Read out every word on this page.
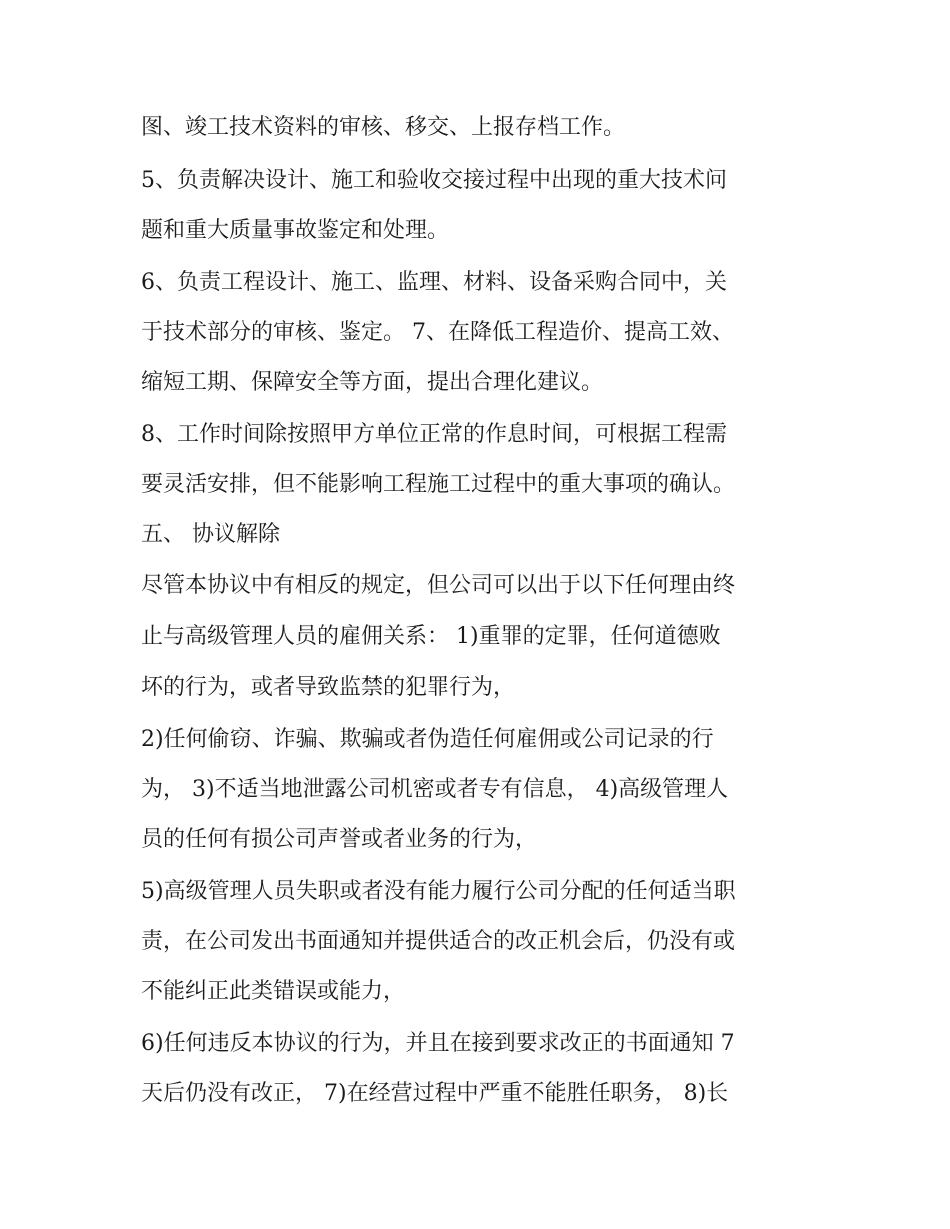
图、竣工技术资料的审核、移交、上报存档工作。

5、负责解决设计、施工和验收交接过程中出现的重大技术问

题和重大质量事故鉴定和处理。

6、负责工程设计、施工、监理、材料、设备采购合同中，关

于技术部分的审核、鉴定。 7、在降低工程造价、提高工效、

缩短工期、保障安全等方面，提出合理化建议。

8、工作时间除按照甲方单位正常的作息时间，可根据工程需

要灵活安排，但不能影响工程施工过程中的重大事项的确认。

五、 协议解除

尽管本协议中有相反的规定，但公司可以出于以下任何理由终

止与高级管理人员的雇佣关系： 1)重罪的定罪，任何道德败

坏的行为，或者导致监禁的犯罪行为，

2)任何偷窃、诈骗、欺骗或者伪造任何雇佣或公司记录的行

为， 3)不适当地泄露公司机密或者专有信息， 4)高级管理人

员的任何有损公司声誉或者业务的行为，

5)高级管理人员失职或者没有能力履行公司分配的任何适当职

责，在公司发出书面通知并提供适合的改正机会后，仍没有或

不能纠正此类错误或能力，

6)任何违反本协议的行为，并且在接到要求改正的书面通知 7

天后仍没有改正， 7)在经营过程中严重不能胜任职务， 8)长
